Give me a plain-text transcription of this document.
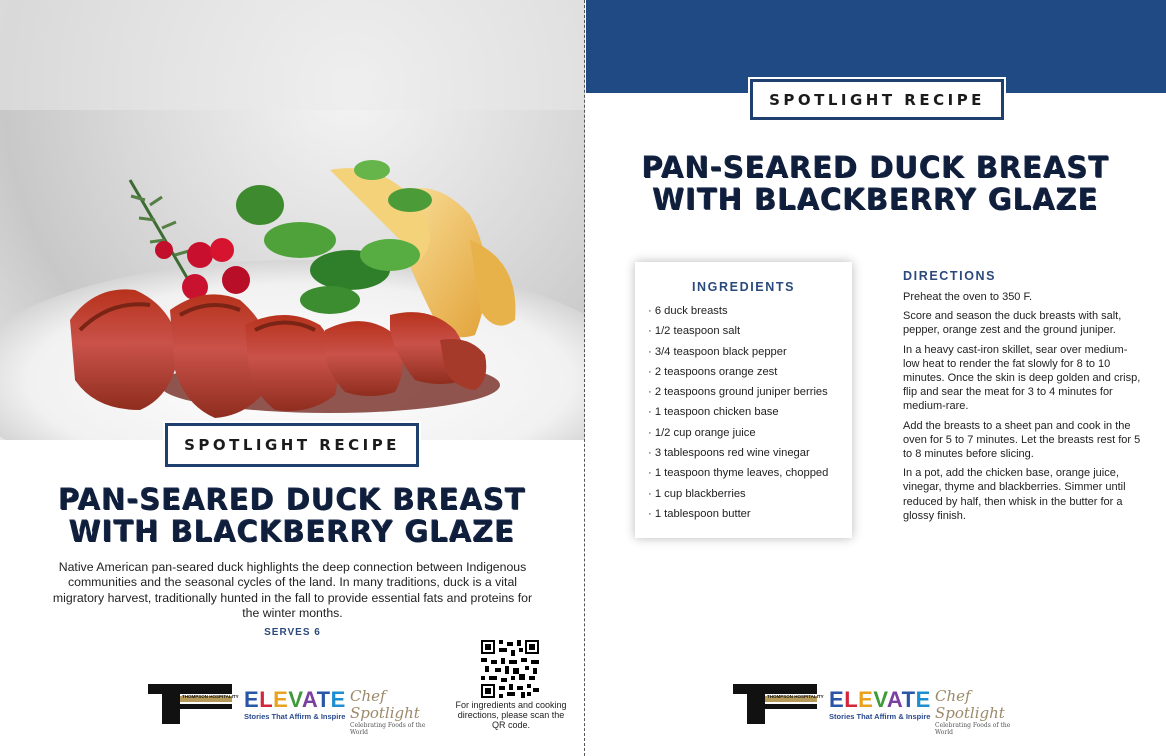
SPOTLIGHT RECIPE
PAN-SEARED DUCK BREAST WITH BLACKBERRY GLAZE
Native American pan-seared duck highlights the deep connection between Indigenous communities and the seasonal cycles of the land. In many traditions, duck is a vital migratory harvest, traditionally hunted in the fall to provide essential fats and proteins for the winter months.
SERVES 6
THOMPSON HOSPITALITY ELEVATE
Stories That Affirm & Inspire
Chef Spotlight
Celebrating Foods of the World
For ingredients and cooking directions, please scan the QR code.
SPOTLIGHT RECIPE
PAN-SEARED DUCK BREAST WITH BLACKBERRY GLAZE
INGREDIENTS
· 6 duck breasts
· 1/2 teaspoon salt
· 3/4 teaspoon black pepper
· 2 teaspoons orange zest
· 2 teaspoons ground juniper berries
· 1 teaspoon chicken base
· 1/2 cup orange juice
· 3 tablespoons red wine vinegar
· 1 teaspoon thyme leaves, chopped
· 1 cup blackberries
· 1 tablespoon butter
DIRECTIONS

Preheat the oven to 350 F.

Score and season the duck breasts with salt, pepper, orange zest and the ground juniper.

In a heavy cast-iron skillet, sear over medium-low heat to render the fat slowly for 8 to 10 minutes. Once the skin is deep golden and crisp, flip and sear the meat for 3 to 4 minutes for medium-rare.

Add the breasts to a sheet pan and cook in the oven for 5 to 7 minutes. Let the breasts rest for 5 to 8 minutes before slicing.

In a pot, add the chicken base, orange juice, vinegar, thyme and blackberries. Simmer until reduced by half, then whisk in the butter for a glossy finish.

THOMPSON HOSPITALITY ELEVATE
Stories That Affirm & Inspire
Chef Spotlight
Celebrating Foods of the World
